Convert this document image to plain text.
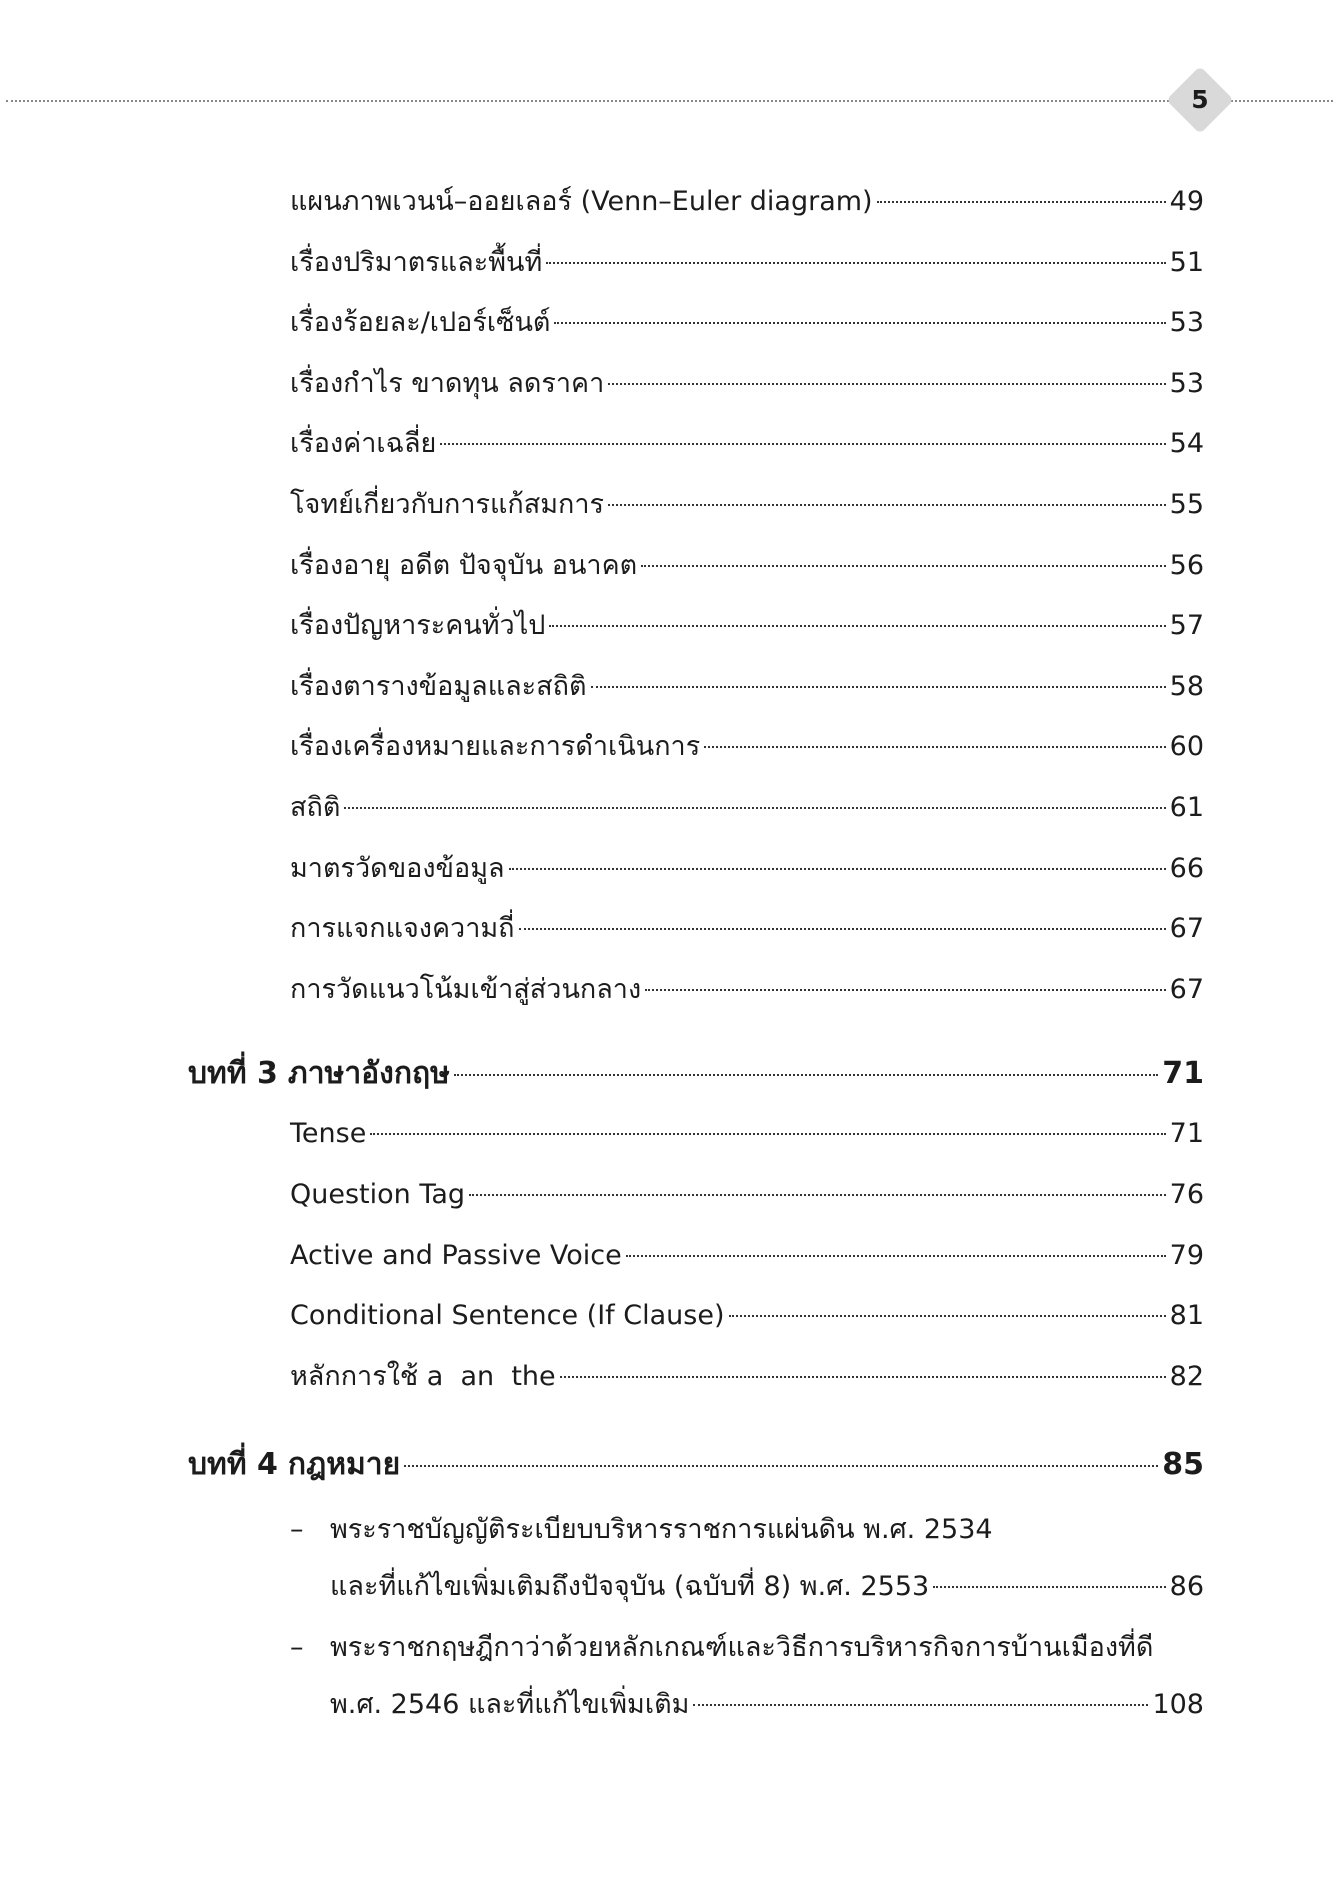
5
แผนภาพเวนน์–ออยเลอร์ (Venn–Euler diagram)	49
เรื่องปริมาตรและพื้นที่	51
เรื่องร้อยละ/เปอร์เซ็นต์	53
เรื่องกำไร ขาดทุน ลดราคา	53
เรื่องค่าเฉลี่ย	54
โจทย์เกี่ยวกับการแก้สมการ	55
เรื่องอายุ อดีต ปัจจุบัน อนาคต	56
เรื่องปัญหาระคนทั่วไป	57
เรื่องตารางข้อมูลและสถิติ	58
เรื่องเครื่องหมายและการดำเนินการ	60
สถิติ	61
มาตรวัดของข้อมูล	66
การแจกแจงความถี่	67
การวัดแนวโน้มเข้าสู่ส่วนกลาง	67
บทที่ 3 ภาษาอังกฤษ	71
Tense	71
Question Tag	76
Active and Passive Voice	79
Conditional Sentence (If Clause)	81
หลักการใช้ a  an  the	82
บทที่ 4 กฎหมาย	85
– พระราชบัญญัติระเบียบบริหารราชการแผ่นดิน พ.ศ. 2534
และที่แก้ไขเพิ่มเติมถึงปัจจุบัน (ฉบับที่ 8) พ.ศ. 2553	86
– พระราชกฤษฎีกาว่าด้วยหลักเกณฑ์และวิธีการบริหารกิจการบ้านเมืองที่ดี
พ.ศ. 2546 และที่แก้ไขเพิ่มเติม	108
